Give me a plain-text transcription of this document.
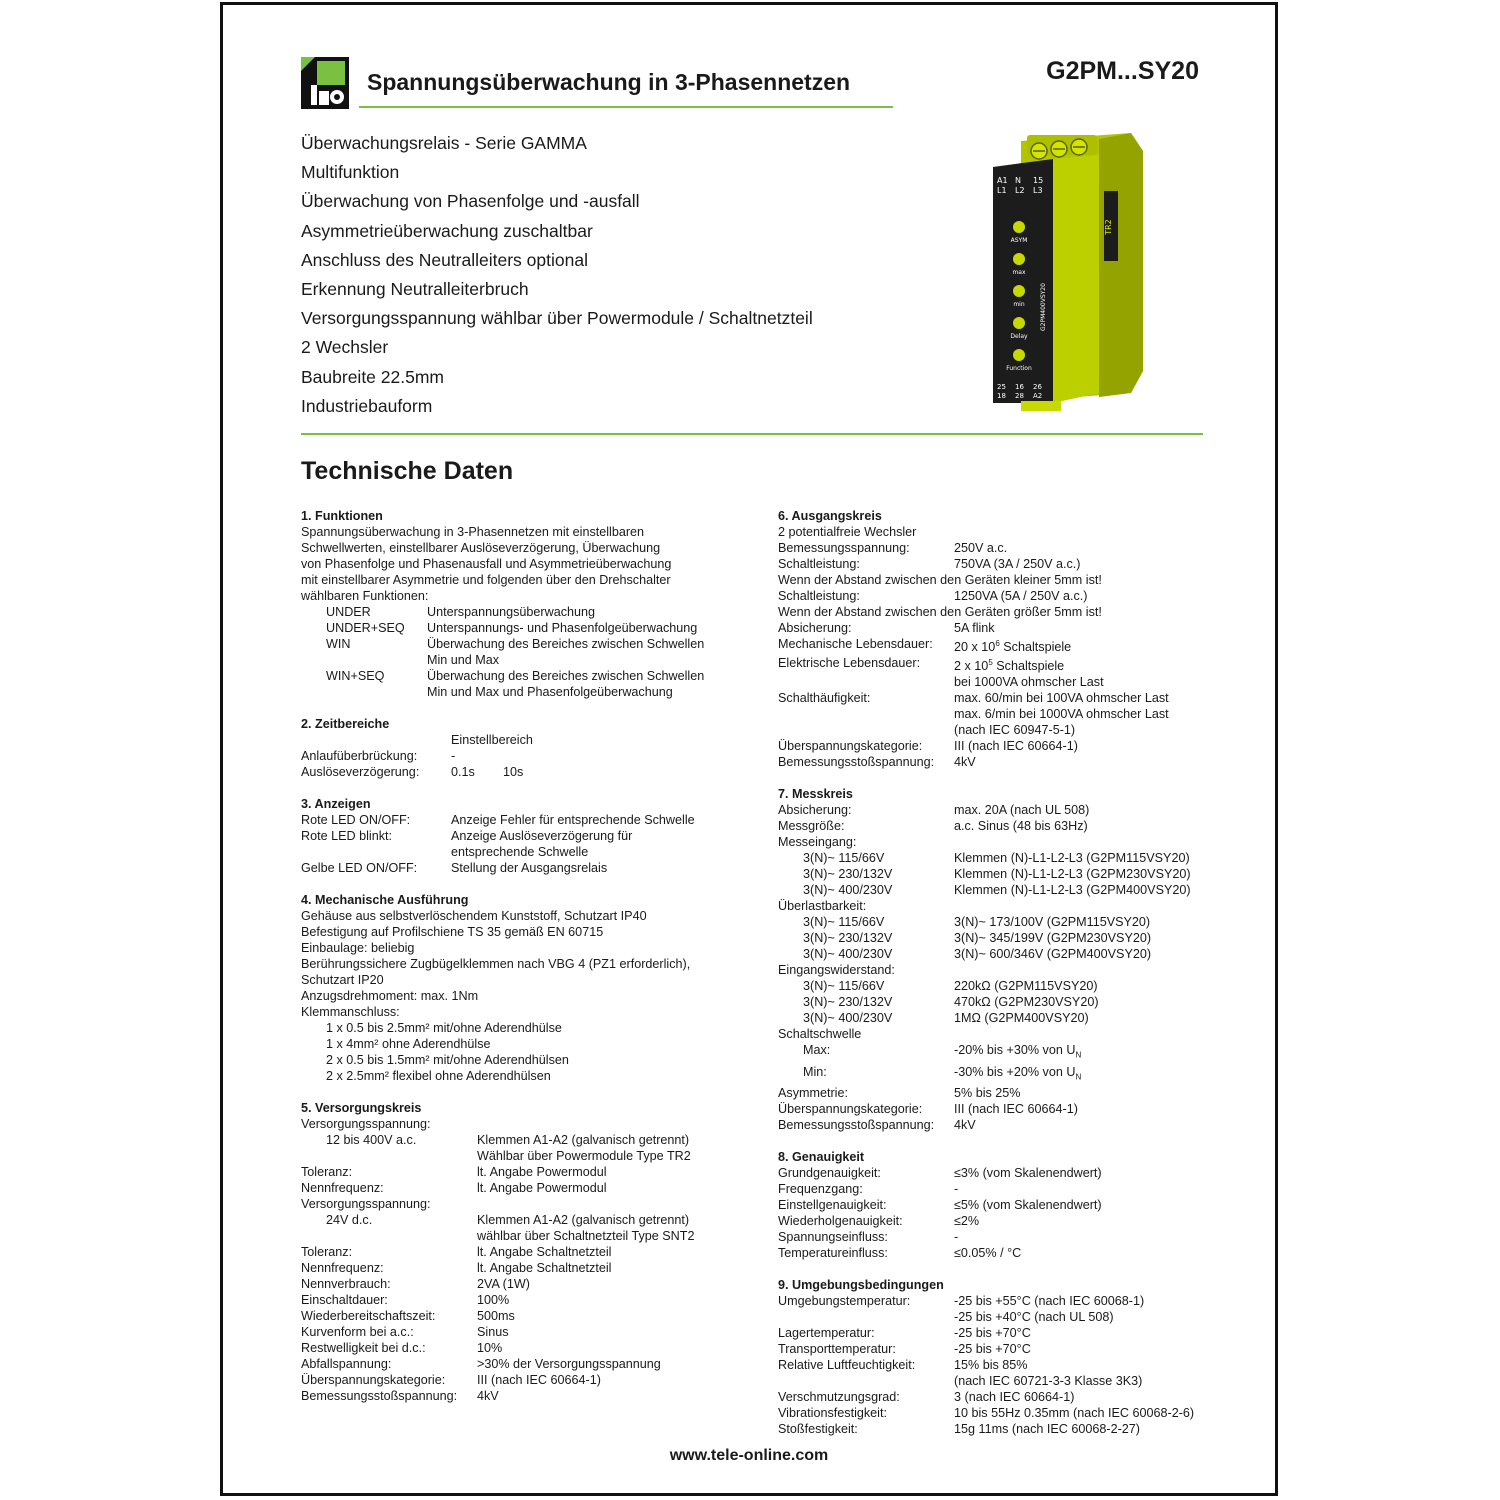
Spannungsüberwachung in 3-Phasennetzen	G2PM...SY20
Überwachungsrelais - Serie GAMMA
Multifunktion
Überwachung von Phasenfolge und -ausfall
Asymmetrieüberwachung zuschaltbar
Anschluss des Neutralleiters optional
Erkennung Neutralleiterbruch
Versorgungsspannung wählbar über Powermodule / Schaltnetzteil
2 Wechsler
Baubreite 22.5mm
Industriebauform
TR2
A1 N 15
L1 L2 L3
ASYM
max
min
Delay
Function
G2PM400VSY20
25 16 26
18 28 A2
Technische Daten
1. Funktionen
Spannungsüberwachung in 3-Phasennetzen mit einstellbaren
Schwellwerten, einstellbarer Auslöseverzögerung, Überwachung
von Phasenfolge und Phasenausfall und Asymmetrieüberwachung
mit einstellbarer Asymmetrie und folgenden über den Drehschalter
wählbaren Funktionen:
UNDER	Unterspannungsüberwachung
UNDER+SEQ	Unterspannungs- und Phasenfolgeüberwachung
WIN	Überwachung des Bereiches zwischen Schwellen
Min und Max
WIN+SEQ	Überwachung des Bereiches zwischen Schwellen
Min und Max und Phasenfolgeüberwachung
2. Zeitbereiche
Einstellbereich
Anlaufüberbrückung:	-
Auslöseverzögerung:	0.1s	10s
3. Anzeigen
Rote LED ON/OFF:	Anzeige Fehler für entsprechende Schwelle
Rote LED blinkt:	Anzeige Auslöseverzögerung für
entsprechende Schwelle
Gelbe LED ON/OFF:	Stellung der Ausgangsrelais
4. Mechanische Ausführung
Gehäuse aus selbstverlöschendem Kunststoff, Schutzart IP40
Befestigung auf Profilschiene TS 35 gemäß EN 60715
Einbaulage: beliebig
Berührungssichere Zugbügelklemmen nach VBG 4 (PZ1 erforderlich),
Schutzart IP20
Anzugsdrehmoment: max. 1Nm
Klemmanschluss:
1 x 0.5 bis 2.5mm² mit/ohne Aderendhülse
1 x 4mm² ohne Aderendhülse
2 x 0.5 bis 1.5mm² mit/ohne Aderendhülsen
2 x 2.5mm² flexibel ohne Aderendhülsen
5. Versorgungskreis
Versorgungsspannung:
12 bis 400V a.c.	Klemmen A1-A2 (galvanisch getrennt)
Wählbar über Powermodule Type TR2
Toleranz:	lt. Angabe Powermodul
Nennfrequenz:	lt. Angabe Powermodul
Versorgungsspannung:
24V d.c.	Klemmen A1-A2 (galvanisch getrennt)
wählbar über Schaltnetzteil Type SNT2
Toleranz:	lt. Angabe Schaltnetzteil
Nennfrequenz:	lt. Angabe Schaltnetzteil
Nennverbrauch:	2VA (1W)
Einschaltdauer:	100%
Wiederbereitschaftszeit:	500ms
Kurvenform bei a.c.:	Sinus
Restwelligkeit bei d.c.:	10%
Abfallspannung:	>30% der Versorgungsspannung
Überspannungskategorie:	III (nach IEC 60664-1)
Bemessungsstoßspannung:	4kV
6. Ausgangskreis
2 potentialfreie Wechsler
Bemessungsspannung:	250V a.c.
Schaltleistung:	750VA (3A / 250V a.c.)
Wenn der Abstand zwischen den Geräten kleiner 5mm ist!
Schaltleistung:	1250VA (5A / 250V a.c.)
Wenn der Abstand zwischen den Geräten größer 5mm ist!
Absicherung:	5A flink
Mechanische Lebensdauer:	20 x $10^6$ Schaltspiele
Elektrische Lebensdauer:	2 x $10^5$ Schaltspiele
bei 1000VA ohmscher Last
Schalthäufigkeit:	max. 60/min bei 100VA ohmscher Last
max. 6/min bei 1000VA ohmscher Last
(nach IEC 60947-5-1)
Überspannungskategorie:	III (nach IEC 60664-1)
Bemessungsstoßspannung:	4kV
7. Messkreis
Absicherung:	max. 20A (nach UL 508)
Messgröße:	a.c. Sinus (48 bis 63Hz)
Messeingang:
3(N)~ 115/66V	Klemmen (N)-L1-L2-L3 (G2PM115VSY20)
3(N)~ 230/132V	Klemmen (N)-L1-L2-L3 (G2PM230VSY20)
3(N)~ 400/230V	Klemmen (N)-L1-L2-L3 (G2PM400VSY20)
Überlastbarkeit:
3(N)~ 115/66V	3(N)~ 173/100V (G2PM115VSY20)
3(N)~ 230/132V	3(N)~ 345/199V (G2PM230VSY20)
3(N)~ 400/230V	3(N)~ 600/346V (G2PM400VSY20)
Eingangswiderstand:
3(N)~ 115/66V	220kΩ (G2PM115VSY20)
3(N)~ 230/132V	470kΩ (G2PM230VSY20)
3(N)~ 400/230V	1MΩ (G2PM400VSY20)
Schaltschwelle
Max:	-20% bis +30% von $U_N$
Min:	-30% bis +20% von $U_N$
Asymmetrie:	5% bis 25%
Überspannungskategorie:	III (nach IEC 60664-1)
Bemessungsstoßspannung:	4kV
8. Genauigkeit
Grundgenauigkeit:	≤3% (vom Skalenendwert)
Frequenzgang:	-
Einstellgenauigkeit:	≤5% (vom Skalenendwert)
Wiederholgenauigkeit:	≤2%
Spannungseinfluss:	-
Temperatureinfluss:	≤0.05% / °C
9. Umgebungsbedingungen
Umgebungstemperatur:	-25 bis +55°C (nach IEC 60068-1)
-25 bis +40°C (nach UL 508)
Lagertemperatur:	-25 bis +70°C
Transporttemperatur:	-25 bis +70°C
Relative Luftfeuchtigkeit:	15% bis 85%
(nach IEC 60721-3-3 Klasse 3K3)
Verschmutzungsgrad:	3 (nach IEC 60664-1)
Vibrationsfestigkeit:	10 bis 55Hz 0.35mm (nach IEC 60068-2-6)
Stoßfestigkeit:	15g 11ms (nach IEC 60068-2-27)
www.tele-online.com
